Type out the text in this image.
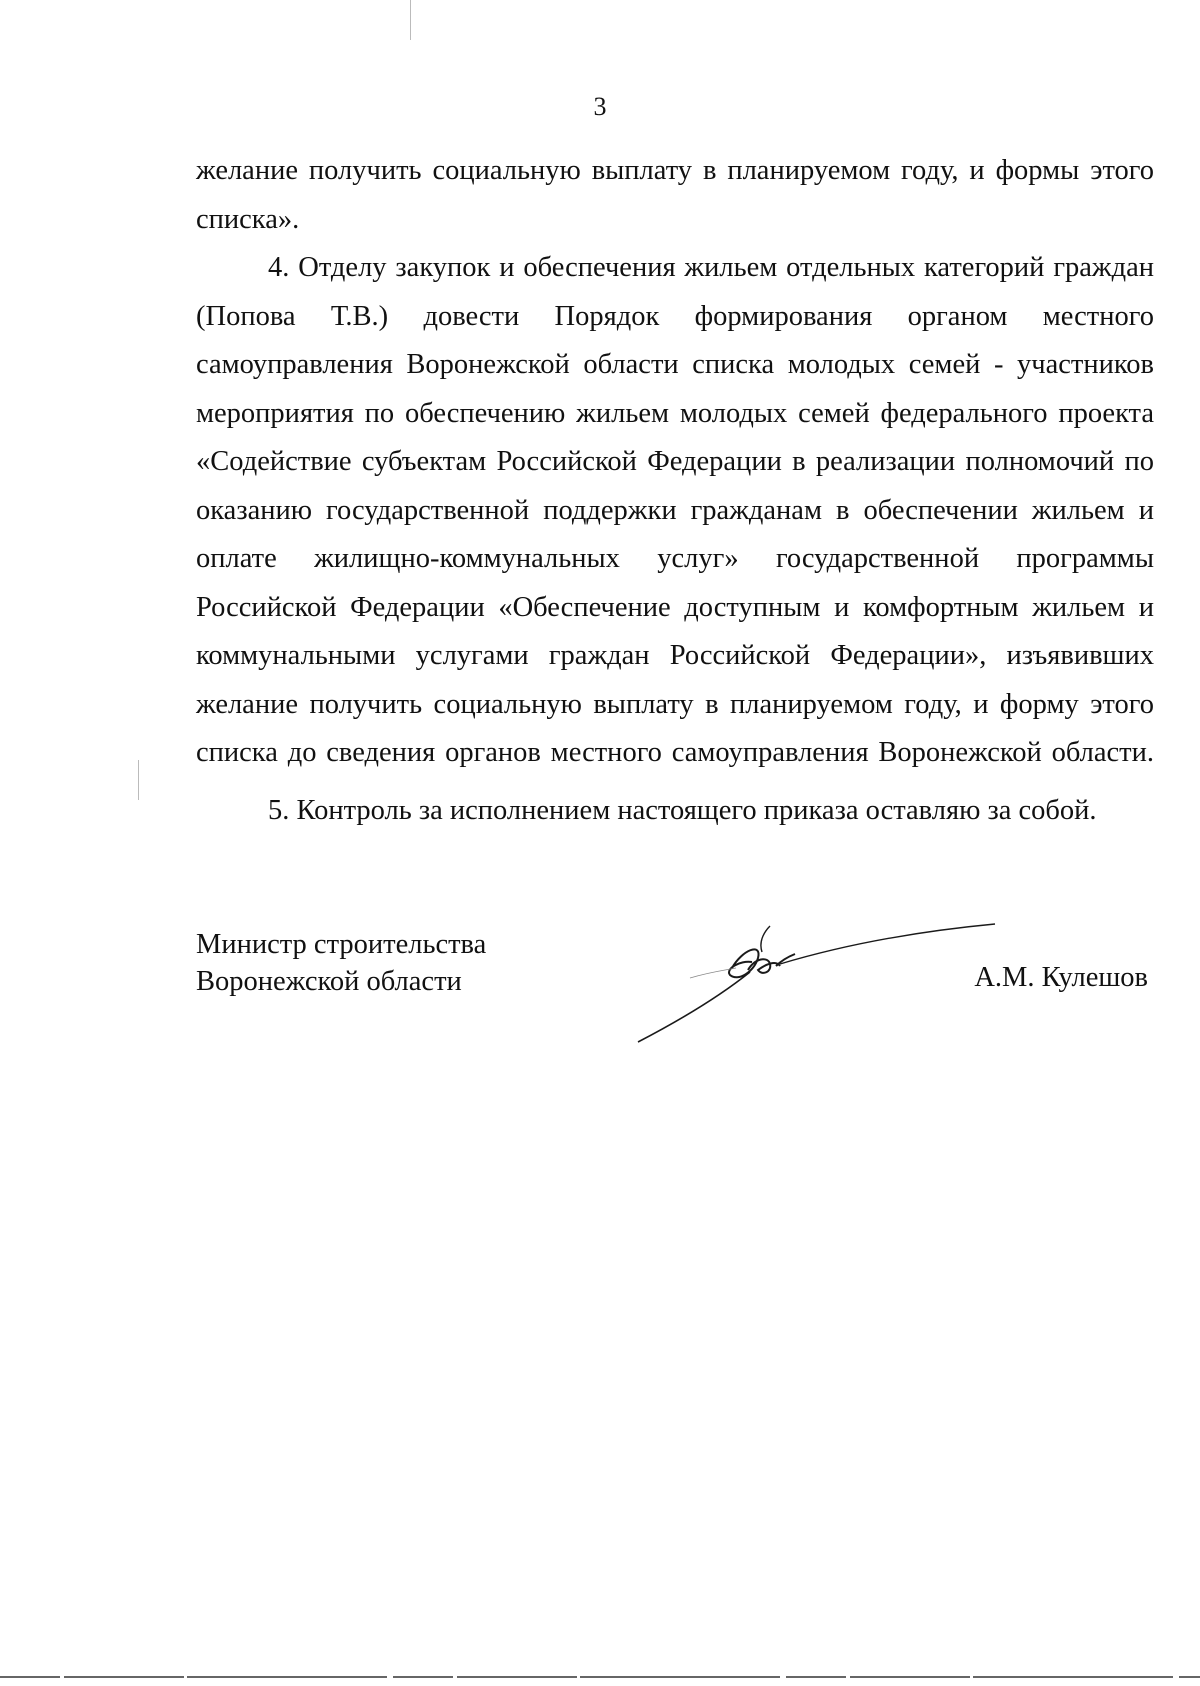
3
желание получить социальную выплату в планируемом году, и формы этого
списка».
4. Отделу закупок и обеспечения жильем отдельных категорий граждан
(Попова Т.В.) довести Порядок формирования органом местного
самоуправления Воронежской области списка молодых семей - участников
мероприятия по обеспечению жильем молодых семей федерального проекта
«Содействие субъектам Российской Федерации в реализации полномочий по
оказанию государственной поддержки гражданам в обеспечении жильем и
оплате жилищно-коммунальных услуг» государственной программы
Российской Федерации «Обеспечение доступным и комфортным жильем и
коммунальными услугами граждан Российской Федерации», изъявивших
желание получить социальную выплату в планируемом году, и форму этого
списка до сведения органов местного самоуправления Воронежской области.
5. Контроль за исполнением настоящего приказа оставляю за собой.
Министр строительства
Воронежской области	А.М. Кулешов
